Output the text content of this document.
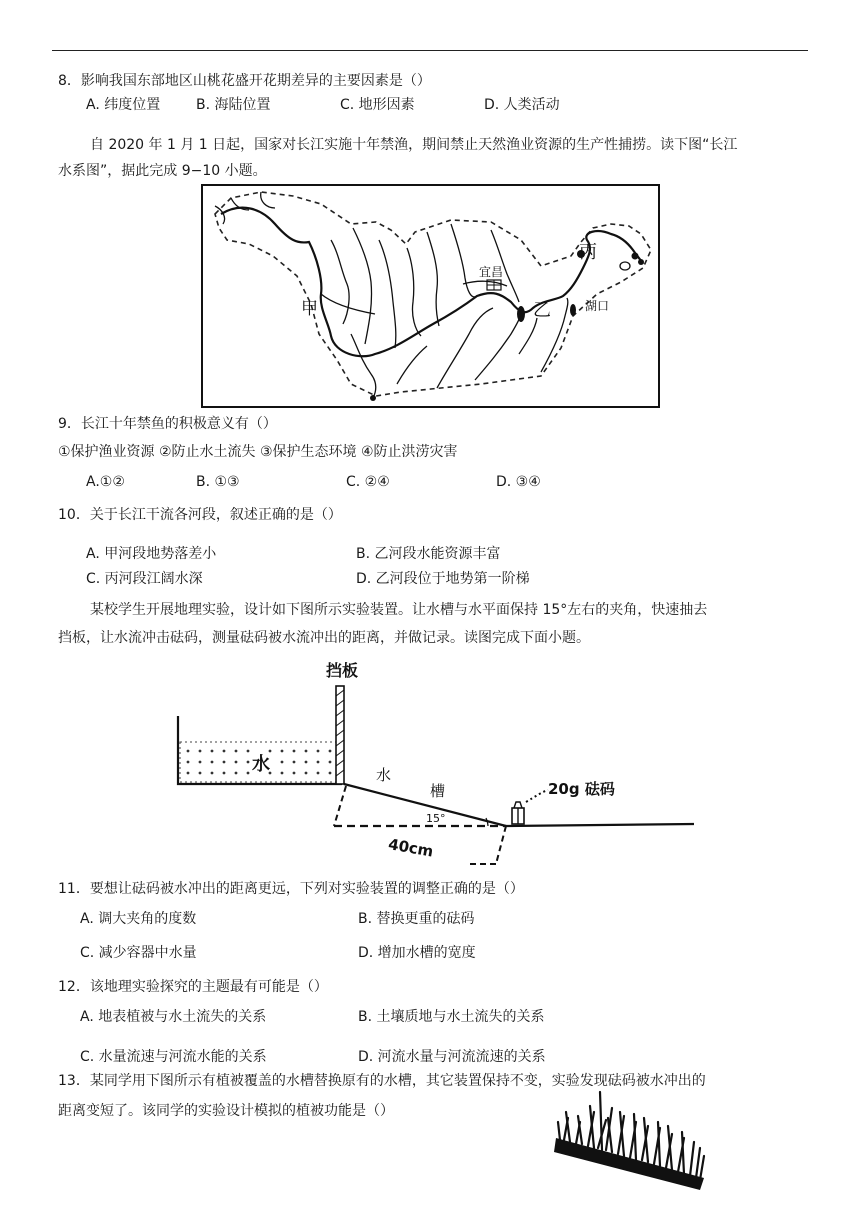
8．影响我国东部地区山桃花盛开花期差异的主要因素是（）
A. 纬度位置	B. 海陆位置	C. 地形因素	D. 人类活动
自 2020 年 1 月 1 日起，国家对长江实施十年禁渔，期间禁止天然渔业资源的生产性捕捞。读下图“长江
水系图”，据此完成 9−10 小题。
甲	乙
丙
宜昌
湖口
9．长江十年禁鱼的积极意义有（）
①保护渔业资源 ②防止水土流失 ③保护生态环境 ④防止洪涝灾害
A.①②	B. ①③	C. ②④	D. ③④
10．关于长江干流各河段，叙述正确的是（）
A. 甲河段地势落差小	B. 乙河段水能资源丰富
C. 丙河段江阔水深	D. 乙河段位于地势第一阶梯
某校学生开展地理实验，设计如下图所示实验装置。让水槽与水平面保持 15°左右的夹角，快速抽去
挡板，让水流冲击砝码，测量砝码被水流冲出的距离，并做记录。读图完成下面小题。
挡板
水	水
槽	20g 砝码
15°
40cm
11．要想让砝码被水冲出的距离更远，下列对实验装置的调整正确的是（）
A. 调大夹角的度数	B. 替换更重的砝码
C. 减少容器中水量	D. 增加水槽的宽度
12．该地理实验探究的主题最有可能是（）
A. 地表植被与水土流失的关系	B. 土壤质地与水土流失的关系
C. 水量流速与河流水能的关系	D. 河流水量与河流流速的关系
13．某同学用下图所示有植被覆盖的水槽替换原有的水槽，其它装置保持不变，实验发现砝码被水冲出的
距离变短了。该同学的实验设计模拟的植被功能是（）
